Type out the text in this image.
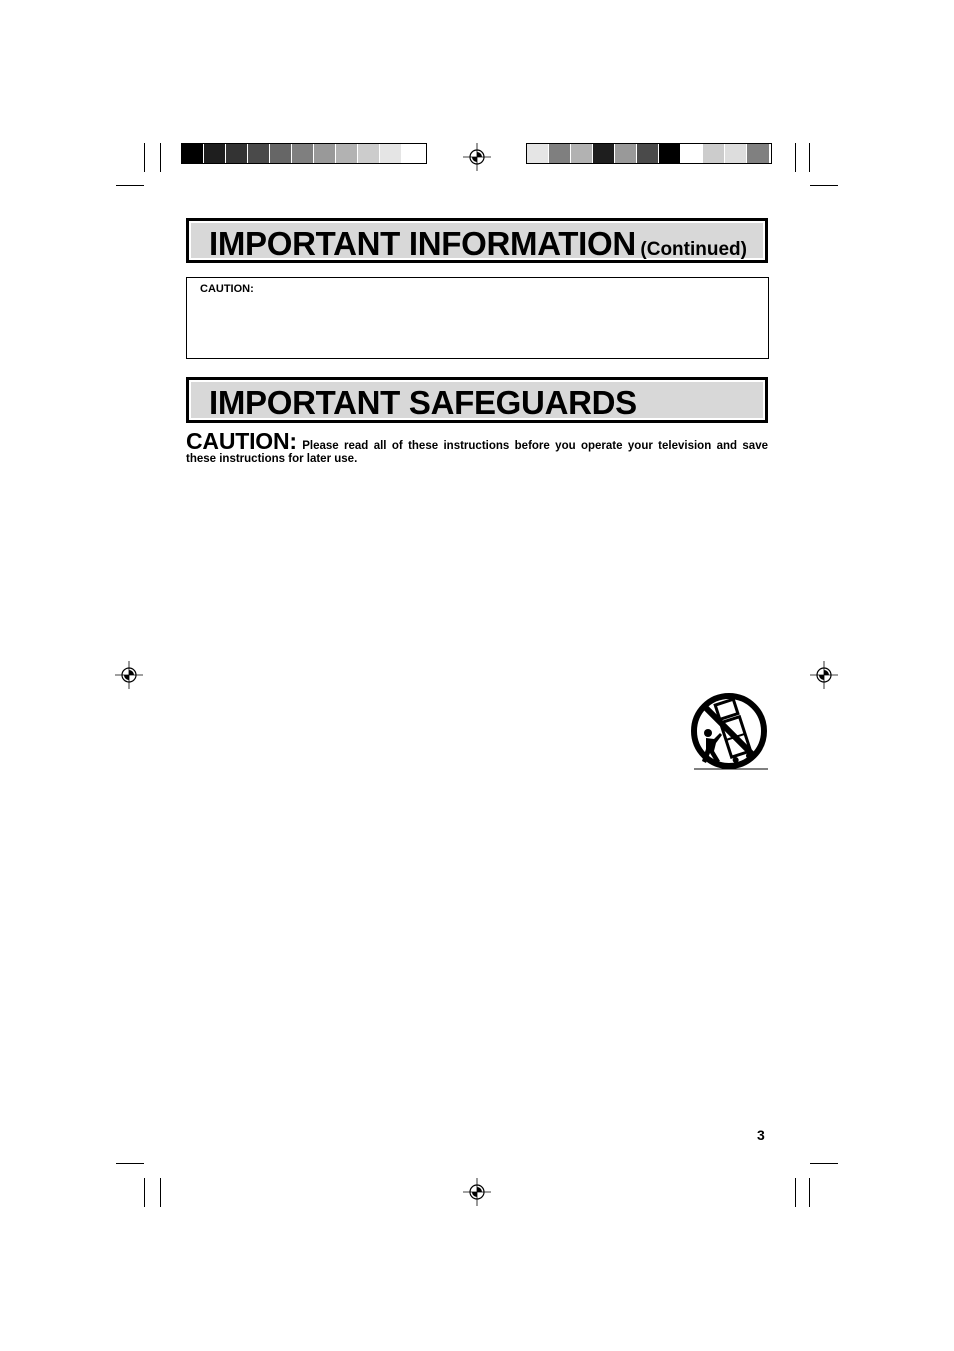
IMPORTANT INFORMATION (Continued)
CAUTION:
IMPORTANT SAFEGUARDS
CAUTION: Please read all of these instructions before you operate your television and save these instructions for later use.
3
